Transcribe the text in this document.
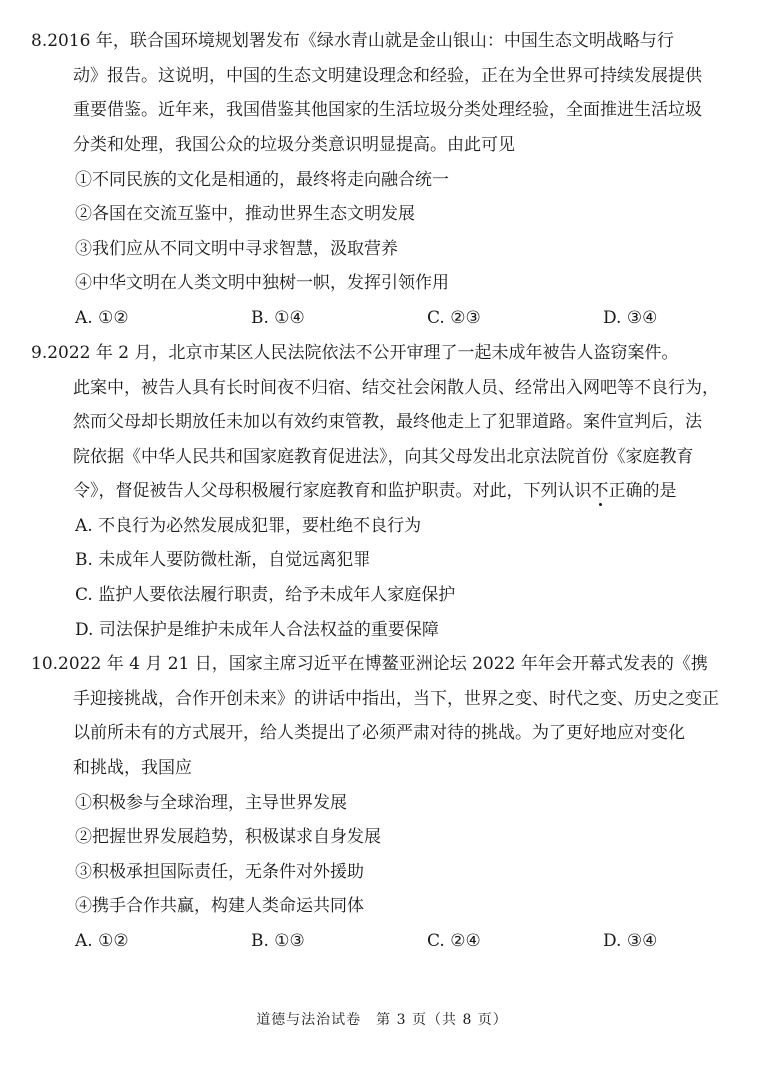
8.2016 年，联合国环境规划署发布《绿水青山就是金山银山：中国生态文明战略与行
动》报告。这说明，中国的生态文明建设理念和经验，正在为全世界可持续发展提供
重要借鉴。近年来，我国借鉴其他国家的生活垃圾分类处理经验，全面推进生活垃圾
分类和处理，我国公众的垃圾分类意识明显提高。由此可见
①不同民族的文化是相通的，最终将走向融合统一
②各国在交流互鉴中，推动世界生态文明发展
③我们应从不同文明中寻求智慧，汲取营养
④中华文明在人类文明中独树一帜，发挥引领作用
A. ①②	B. ①④	C. ②③	D. ③④
9.2022 年 2 月，北京市某区人民法院依法不公开审理了一起未成年被告人盗窃案件。
此案中，被告人具有长时间夜不归宿、结交社会闲散人员、经常出入网吧等不良行为，
然而父母却长期放任未加以有效约束管教，最终他走上了犯罪道路。案件宣判后，法
院依据《中华人民共和国家庭教育促进法》，向其父母发出北京法院首份《家庭教育
令》，督促被告人父母积极履行家庭教育和监护职责。对此，下列认识不正确的是
A. 不良行为必然发展成犯罪，要杜绝不良行为
B. 未成年人要防微杜渐，自觉远离犯罪
C. 监护人要依法履行职责，给予未成年人家庭保护
D. 司法保护是维护未成年人合法权益的重要保障
10.2022 年 4 月 21 日，国家主席习近平在博鳌亚洲论坛 2022 年年会开幕式发表的《携
手迎接挑战，合作开创未来》的讲话中指出，当下，世界之变、时代之变、历史之变正
以前所未有的方式展开，给人类提出了必须严肃对待的挑战。为了更好地应对变化
和挑战，我国应
①积极参与全球治理，主导世界发展
②把握世界发展趋势，积极谋求自身发展
③积极承担国际责任，无条件对外援助
④携手合作共赢，构建人类命运共同体
A. ①②	B. ①③	C. ②④	D. ③④
道德与法治试卷　第 3 页（共 8 页）
